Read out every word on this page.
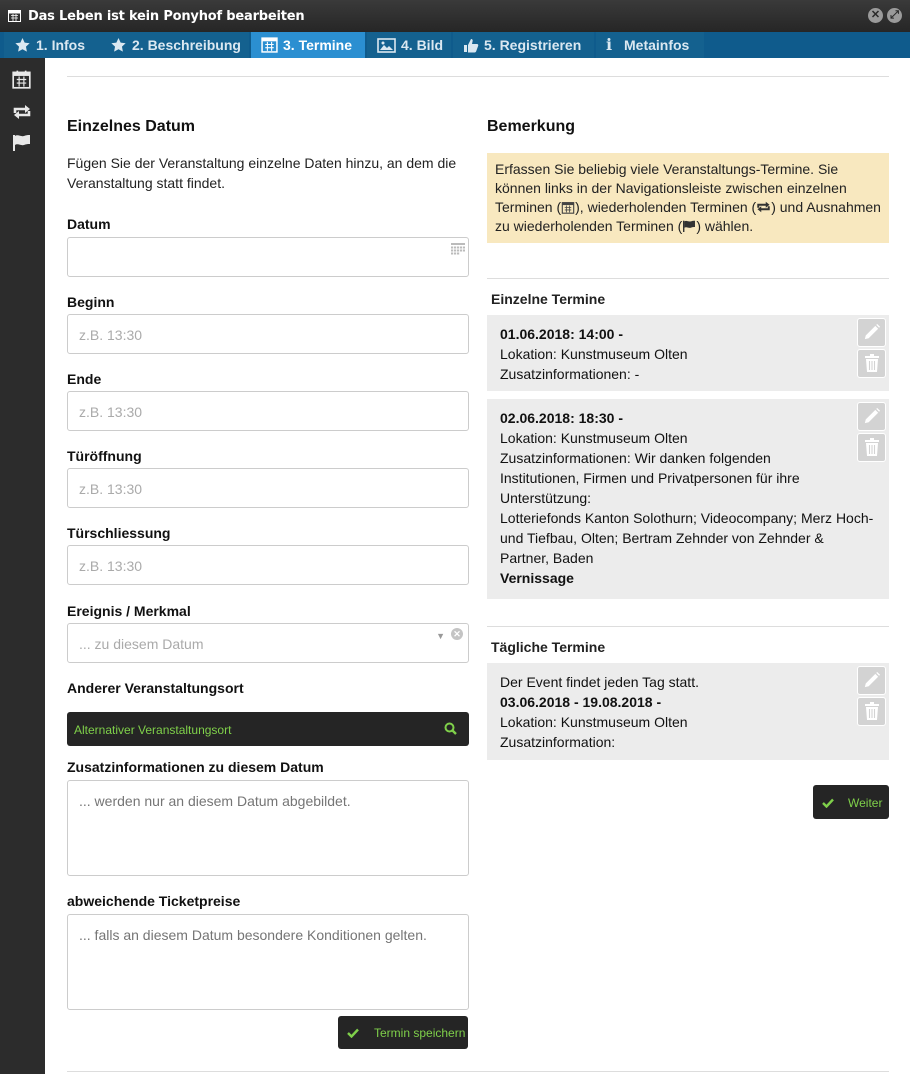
Das Leben ist kein Ponyhof bearbeiten	✕ ⤢
1. Infos	2. Beschreibung	3. Termine	4. Bild	5. Registrieren	i Metainfos
Einzelnes Datum
Fügen Sie der Veranstaltung einzelne Daten hinzu, an dem die Veranstaltung statt findet.
Datum
Beginn
z.B. 13:30
Ende
z.B. 13:30
Türöffnung
z.B. 13:30
Türschliessung
z.B. 13:30
Ereignis / Merkmal
... zu diesem Datum	▼ ✕
Anderer Veranstaltungsort
Alternativer Veranstaltungsort
Zusatzinformationen zu diesem Datum
... werden nur an diesem Datum abgebildet.
abweichende Ticketpreise
... falls an diesem Datum besondere Konditionen gelten.
Termin speichern
Bemerkung
Erfassen Sie beliebig viele Veranstaltungs-Termine. Sie können links in der Navigationsleiste zwischen einzelnen Terminen ( ), wiederholenden Terminen ( ) und Ausnahmen zu wiederholenden Terminen ( ) wählen.
Einzelne Termine
01.06.2018: 14:00 -
Lokation: Kunstmuseum Olten
Zusatzinformationen: -
02.06.2018: 18:30 -
Lokation: Kunstmuseum Olten
Zusatzinformationen: Wir danken folgenden Institutionen, Firmen und Privatpersonen für ihre Unterstützung:
Lotteriefonds Kanton Solothurn; Videocompany; Merz Hoch- und Tiefbau, Olten; Bertram Zehnder von Zehnder & Partner, Baden
Vernissage
Tägliche Termine
Der Event findet jeden Tag statt.
03.06.2018 - 19.08.2018 -
Lokation: Kunstmuseum Olten
Zusatzinformation:
Weiter
